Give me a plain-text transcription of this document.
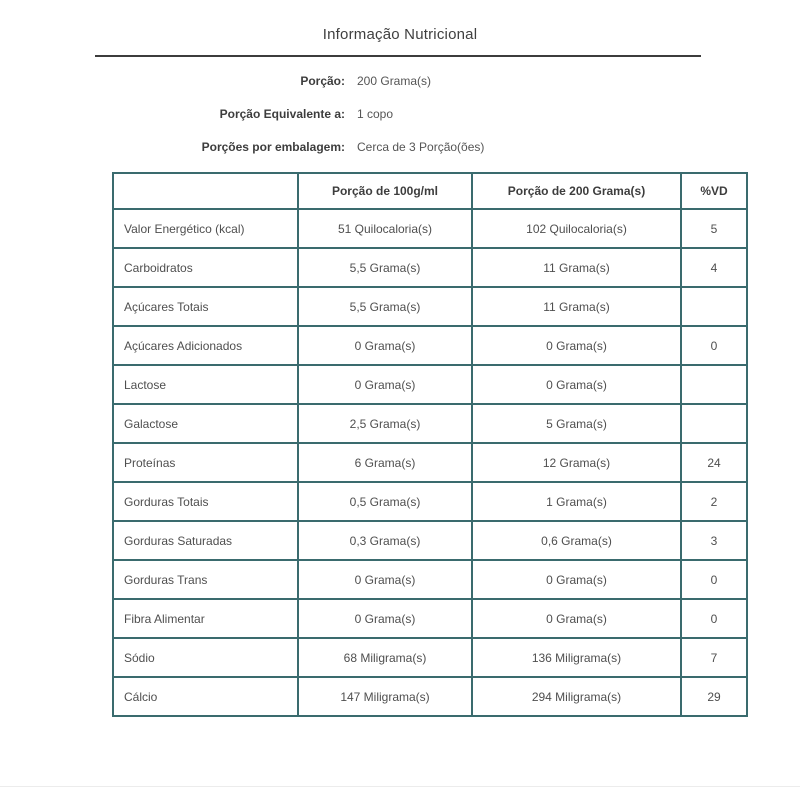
Informação Nutricional
Porção: 200 Grama(s)
Porção Equivalente a: 1 copo
Porções por embalagem: Cerca de 3 Porção(ões)
	Porção de 100g/ml	Porção de 200 Grama(s)	%VD
Valor Energético (kcal)	51 Quilocaloria(s)	102 Quilocaloria(s)	5
Carboidratos	5,5 Grama(s)	11 Grama(s)	4
Açúcares Totais	5,5 Grama(s)	11 Grama(s)	
Açúcares Adicionados	0 Grama(s)	0 Grama(s)	0
Lactose	0 Grama(s)	0 Grama(s)	
Galactose	2,5 Grama(s)	5 Grama(s)	
Proteínas	6 Grama(s)	12 Grama(s)	24
Gorduras Totais	0,5 Grama(s)	1 Grama(s)	2
Gorduras Saturadas	0,3 Grama(s)	0,6 Grama(s)	3
Gorduras Trans	0 Grama(s)	0 Grama(s)	0
Fibra Alimentar	0 Grama(s)	0 Grama(s)	0
Sódio	68 Miligrama(s)	136 Miligrama(s)	7
Cálcio	147 Miligrama(s)	294 Miligrama(s)	29
